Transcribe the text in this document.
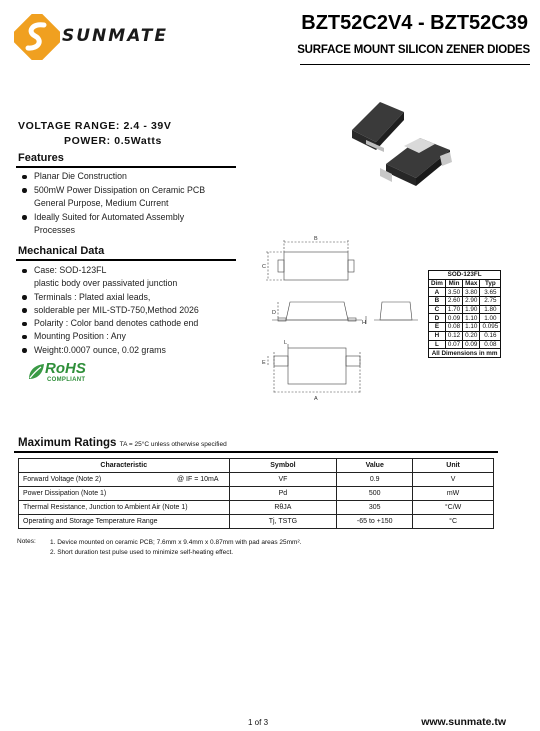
SUNMATE
BZT52C2V4 - BZT52C39
SURFACE MOUNT SILICON ZENER DIODES
VOLTAGE RANGE: 2.4 - 39V
POWER: 0.5Watts
Features
Planar Die Construction
500mW Power Dissipation on Ceramic PCB
General Purpose, Medium Current
Ideally Suited for Automated Assembly
Processes
Mechanical Data
Case: SOD-123FL
plastic body over passivated junction
Terminals : Plated axial leads,
solderable per MIL-STD-750,Method 2026
Polarity : Color band denotes cathode end
Mounting Position : Any
Weight:0.0007 ounce, 0.02 grams
RoHS
COMPLIANT
B
C
D
H
L
E
A
SOD-123FL			
Dim	Min	Max	Typ
A	3.50	3.80	3.65
B	2.60	2.90	2.75
C	1.70	1.90	1.80
D	0.09	1.10	1.00
E	0.08	1.10	0.095
H	0.12	0.20	0.16
L	0.07	0.09	0.08
All Dimensions in mm			
Maximum Ratings TA = 25°C unless otherwise specified
Characteristic	Symbol	Value	Unit
Forward Voltage (Note 2) @ IF = 10mA	VF	0.9	V
Power Dissipation (Note 1)	Pd	500	mW
Thermal Resistance, Junction to Ambient Air (Note 1)	RθJA	305	°C/W
Operating and Storage Temperature Range	Tj, TSTG	-65 to +150	°C
Notes: 1. Device mounted on ceramic PCB; 7.6mm x 9.4mm x 0.87mm with pad areas 25mm².
2. Short duration test pulse used to minimize self-heating effect.
1 of 3	www.sunmate.tw
